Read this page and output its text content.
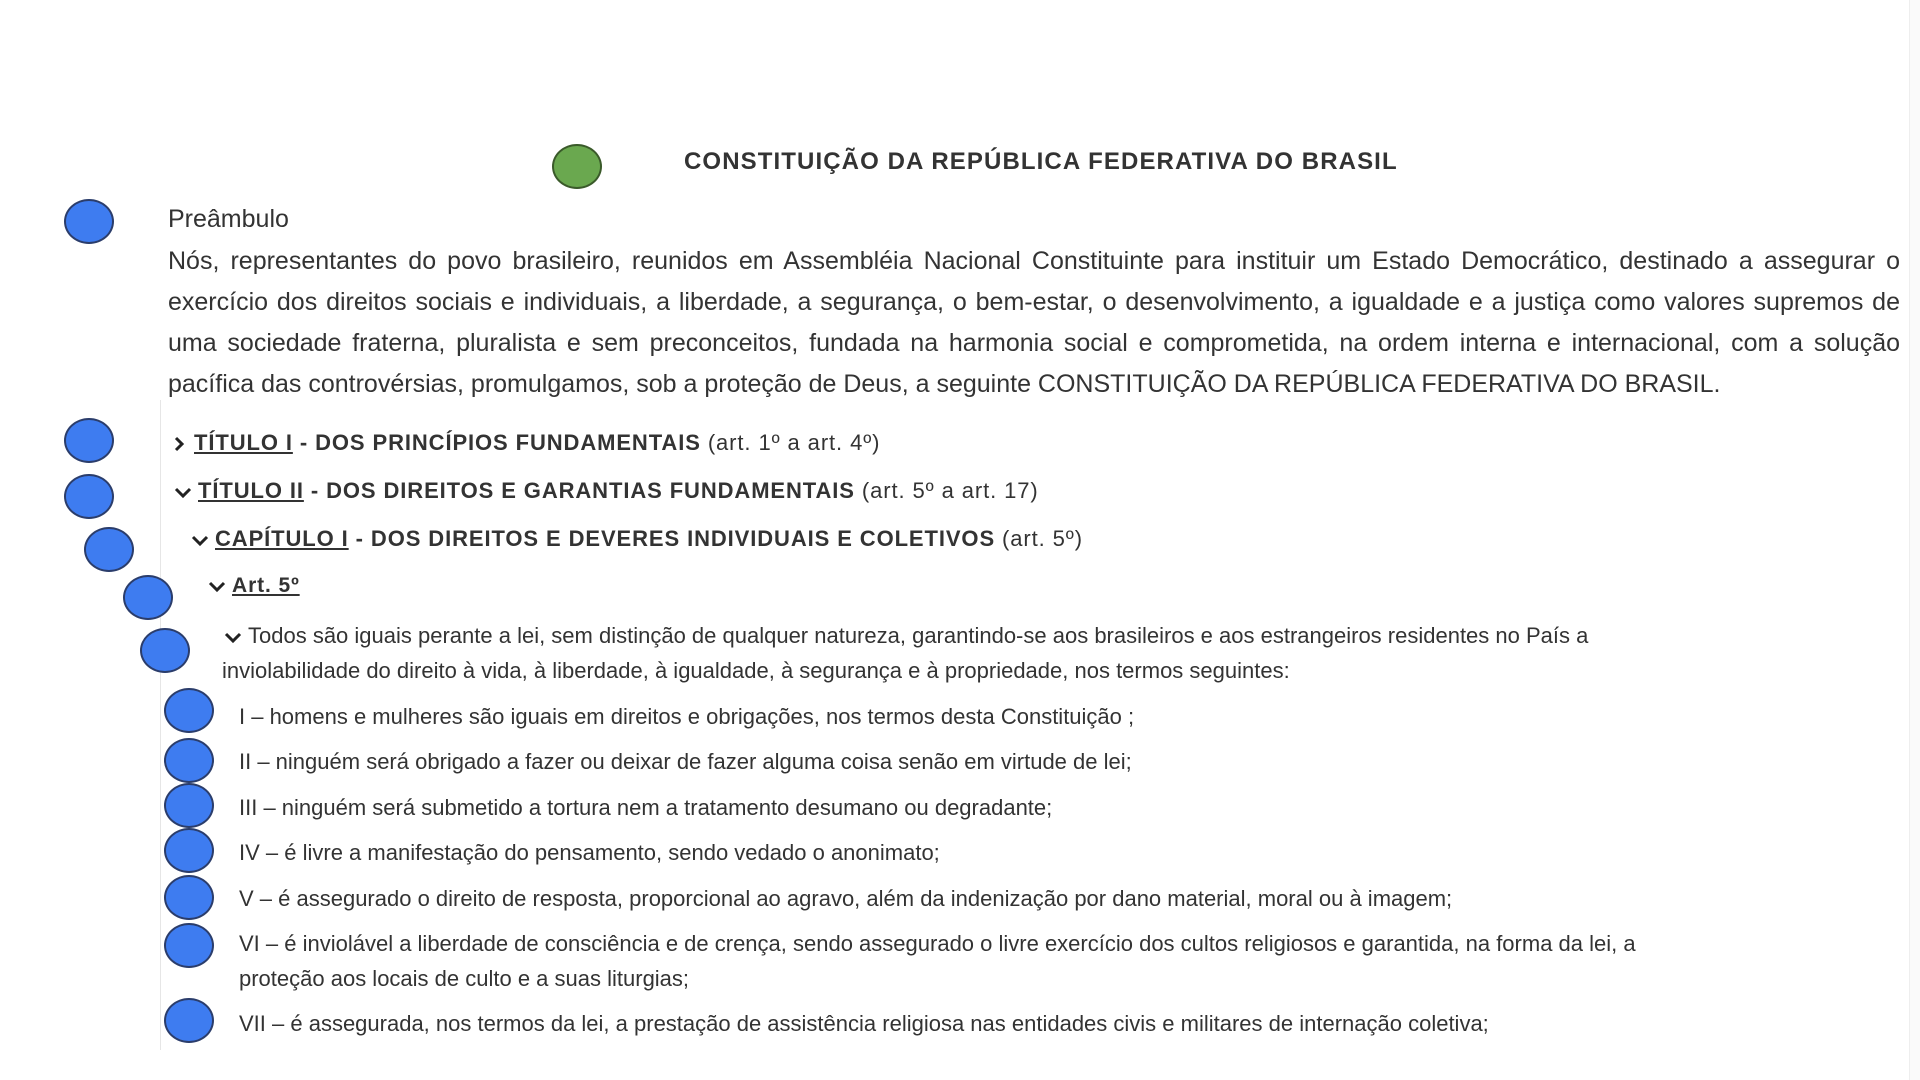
CONSTITUIÇÃO DA REPÚBLICA FEDERATIVA DO BRASIL
Preâmbulo
Nós, representantes do povo brasileiro, reunidos em Assembléia Nacional Constituinte para instituir um Estado Democrático, destinado a assegurar o exercício dos direitos sociais e individuais, a liberdade, a segurança, o bem-estar, o desenvolvimento, a igualdade e a justiça como valores supremos de uma sociedade fraterna, pluralista e sem preconceitos, fundada na harmonia social e comprometida, na ordem interna e internacional, com a solução pacífica das controvérsias, promulgamos, sob a proteção de Deus, a seguinte CONSTITUIÇÃO DA REPÚBLICA FEDERATIVA DO BRASIL.
TÍTULO I - DOS PRINCÍPIOS FUNDAMENTAIS (art. 1º a art. 4º)
TÍTULO II - DOS DIREITOS E GARANTIAS FUNDAMENTAIS (art. 5º a art. 17)
CAPÍTULO I - DOS DIREITOS E DEVERES INDIVIDUAIS E COLETIVOS (art. 5º)
Art. 5º
Todos são iguais perante a lei, sem distinção de qualquer natureza, garantindo-se aos brasileiros e aos estrangeiros residentes no País a inviolabilidade do direito à vida, à liberdade, à igualdade, à segurança e à propriedade, nos termos seguintes:
I – homens e mulheres são iguais em direitos e obrigações, nos termos desta Constituição ;
II – ninguém será obrigado a fazer ou deixar de fazer alguma coisa senão em virtude de lei;
III – ninguém será submetido a tortura nem a tratamento desumano ou degradante;
IV – é livre a manifestação do pensamento, sendo vedado o anonimato;
V – é assegurado o direito de resposta, proporcional ao agravo, além da indenização por dano material, moral ou à imagem;
VI – é inviolável a liberdade de consciência e de crença, sendo assegurado o livre exercício dos cultos religiosos e garantida, na forma da lei, a proteção aos locais de culto e a suas liturgias;
VII – é assegurada, nos termos da lei, a prestação de assistência religiosa nas entidades civis e militares de internação coletiva;
